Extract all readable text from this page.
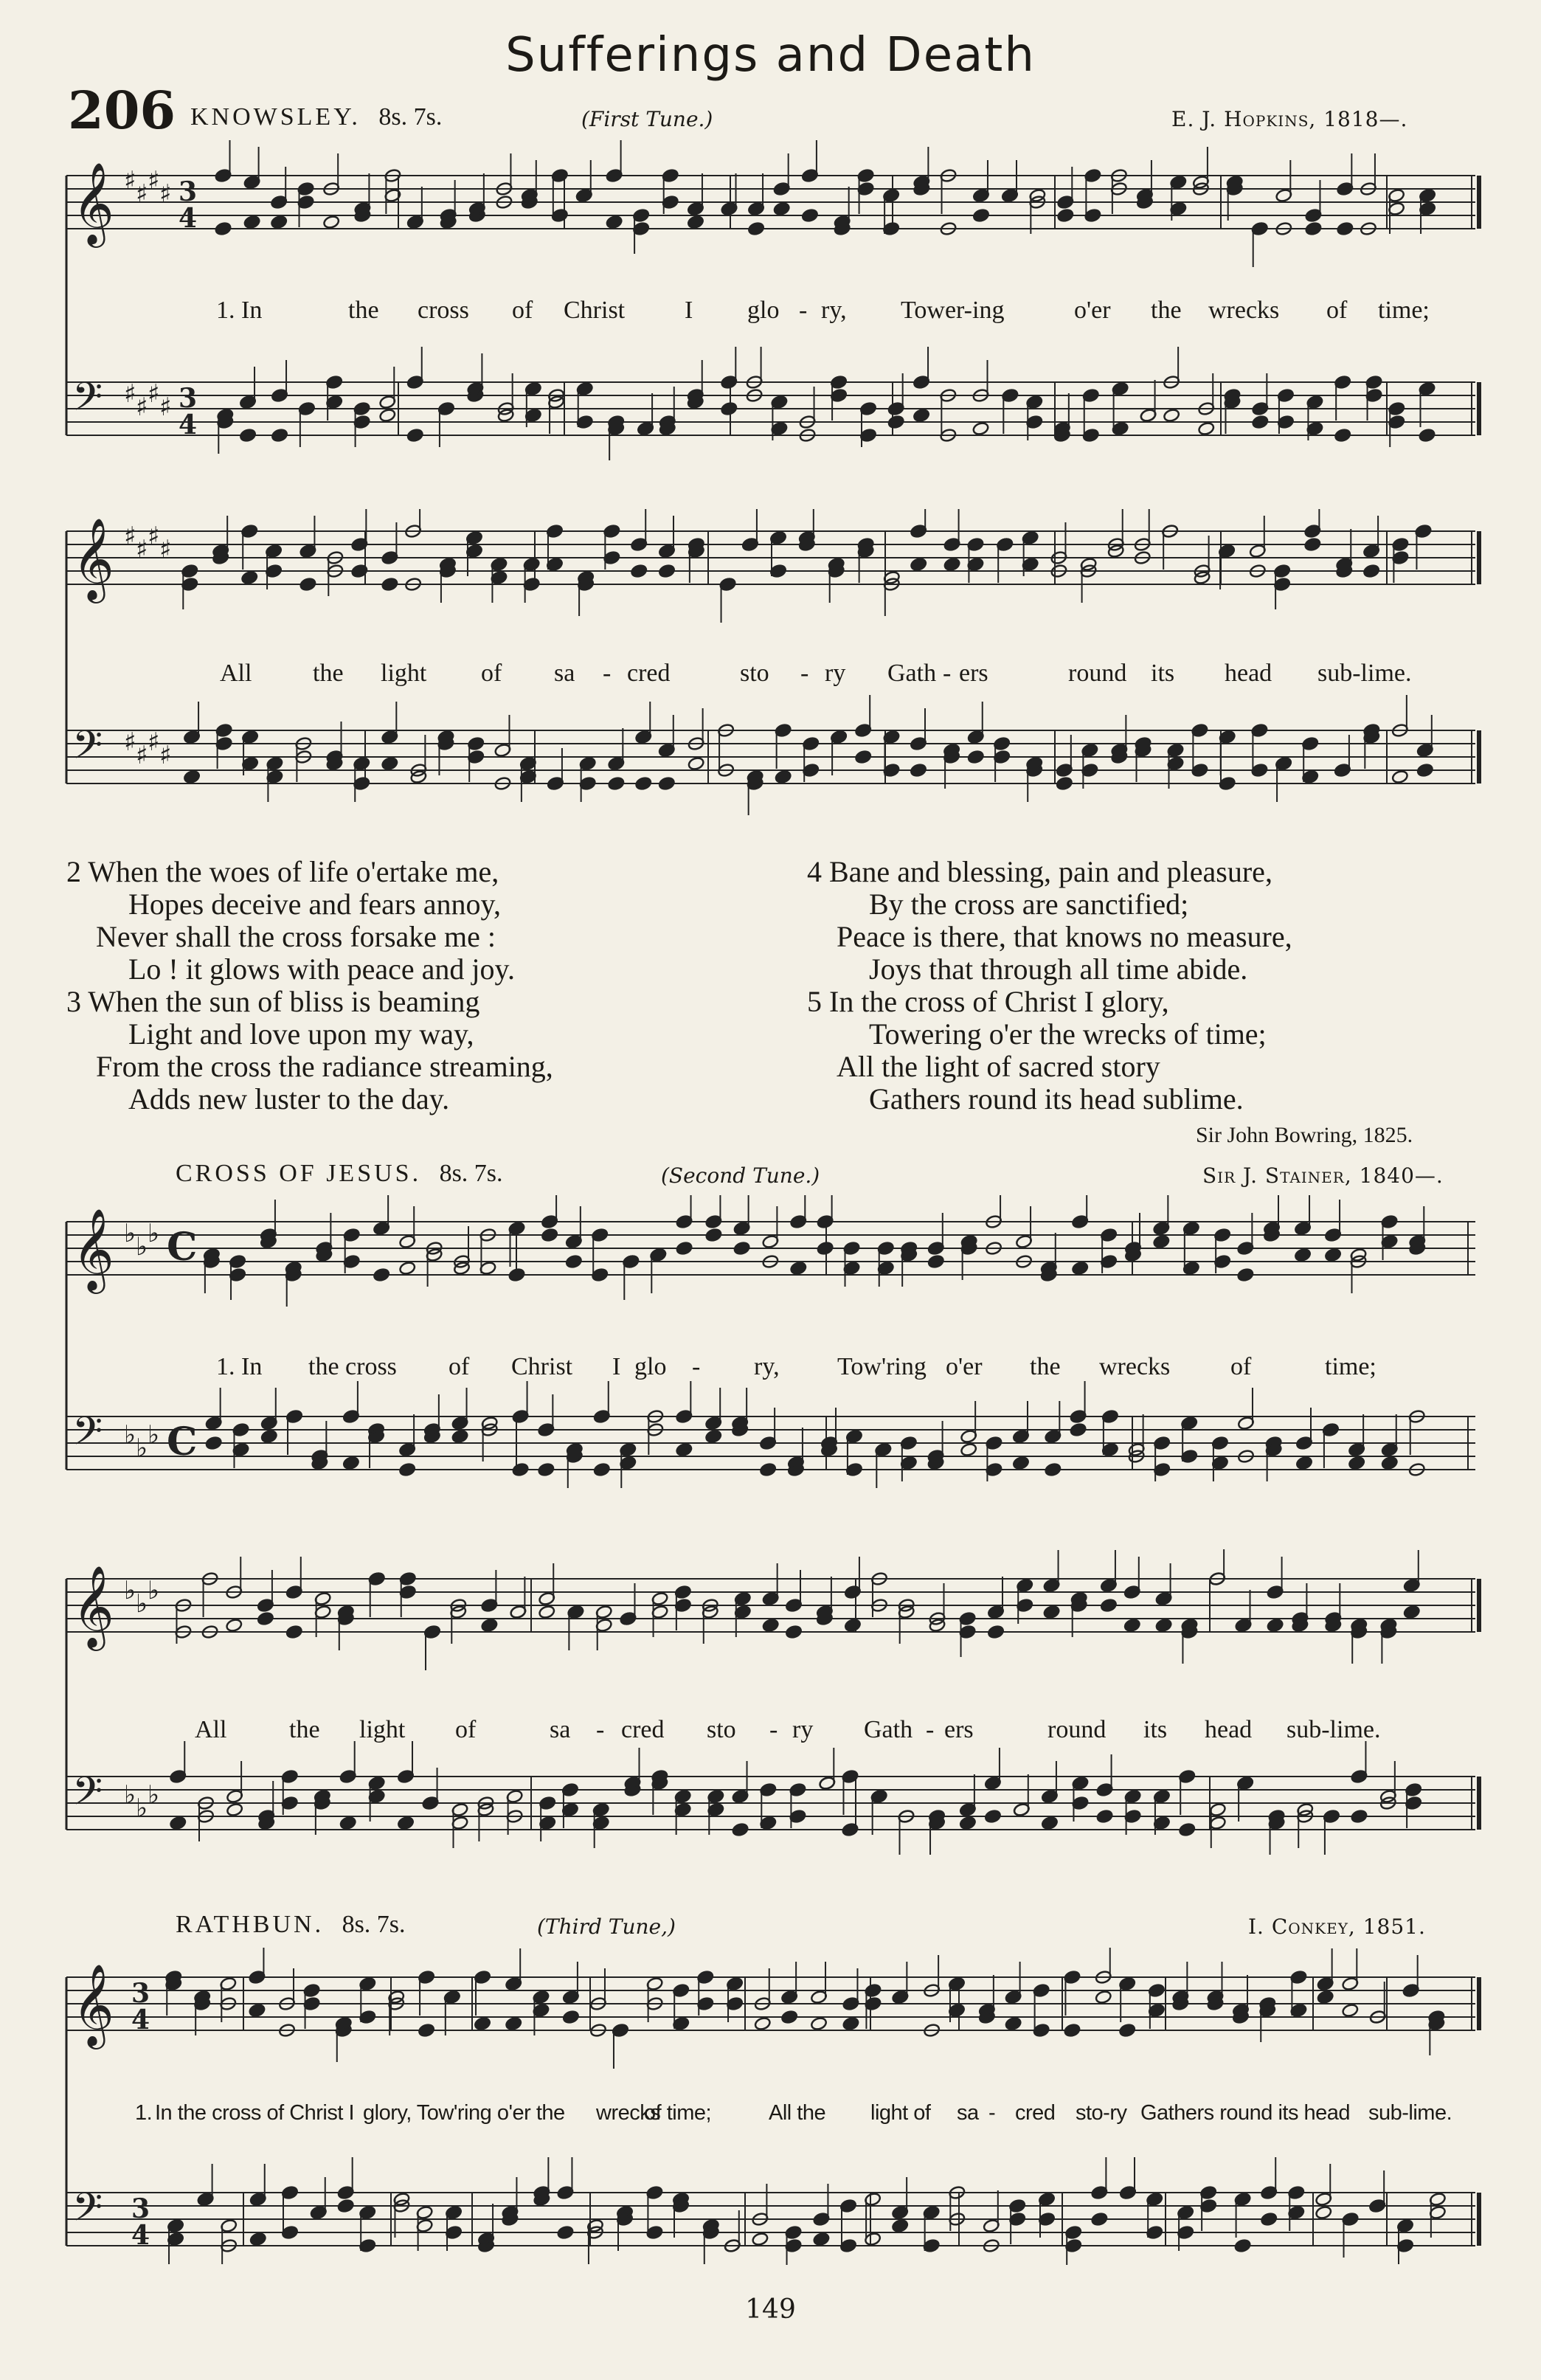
Sufferings and Death
206 KNOWSLEY. 8s. 7s.	(First Tune.)	E. J. Hopkins, 1818—.
𝄞 ♯ ♯ ♯ ♯ 3
4
𝄢 ♯ ♯ ♯ ♯ 3
4
1. In	the cross of Christ I glo - ry, Tower-ing	o'er the wrecks of time;
𝄞 ♯ ♯ ♯ ♯
𝄢 ♯ ♯ ♯ ♯
All the light of sa - cred	sto - ry Gath - ers	round its head sub-lime.
2 When the woes of life o'ertake me,
Hopes deceive and fears annoy,
Never shall the cross forsake me :
Lo ! it glows with peace and joy.
3 When the sun of bliss is beaming
Light and love upon my way,
From the cross the radiance streaming,
Adds new luster to the day.
4 Bane and blessing, pain and pleasure,
By the cross are sanctified;
Peace is there, that knows no measure,
Joys that through all time abide.
5 In the cross of Christ I glory,
Towering o'er the wrecks of time;
All the light of sacred story
Gathers round its head sublime.
Sir John Bowring, 1825.
CROSS OF JESUS. 8s. 7s.	(Second Tune.)	Sir J. Stainer, 1840—.
𝄞 ♭ ♭ ♭ C
𝄢 ♭ ♭ ♭ C
1. In the cross of Christ I glo - ry, Tow'ring o'er the wrecks of	time;
𝄞 ♭ ♭ ♭
𝄢 ♭ ♭ ♭
All the light of	sa - cred sto - ry Gath - ers	round its head sub-lime.
RATHBUN. 8s. 7s.	(Third Tune,)	I. Conkey, 1851.
𝄞 3
4
𝄢 3
4
1. In the cross of Christ I glory, Tow'ring o'er the wrecks
of time;	All the light of sa - cred sto-ry Gathers round its head sub-lime.
149
